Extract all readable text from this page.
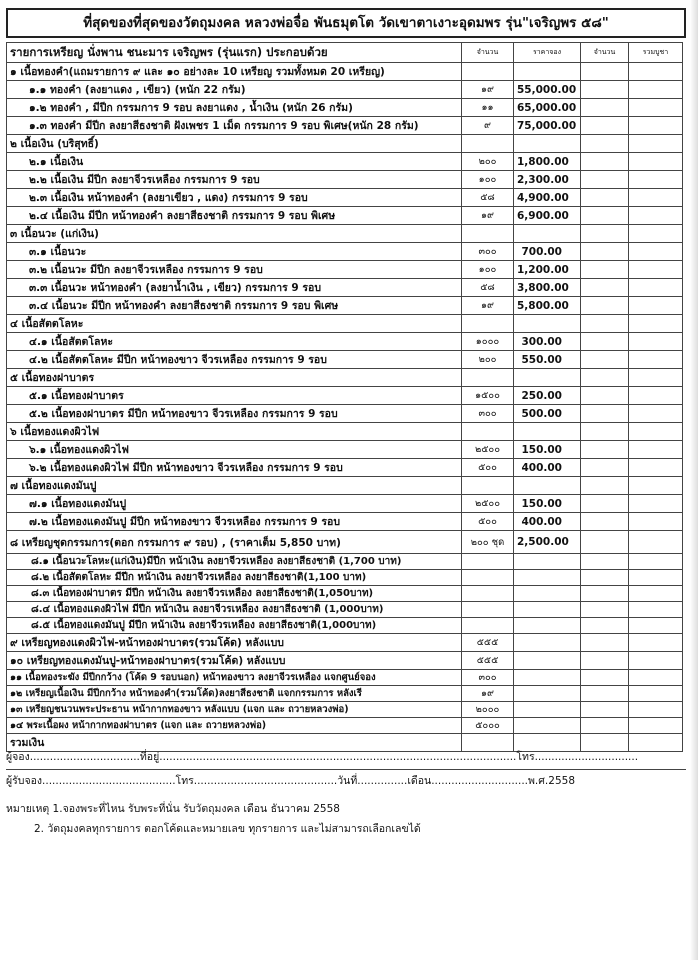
ที่สุดของที่สุดของวัตถุมงคล หลวงพ่อจื่อ พันธมุตโต วัดเขาตาเงาะอุดมพร รุ่น"เจริญพร ๕๘"
รายการเหรียญ นั่งพาน ชนะมาร เจริญพร (รุ่นแรก) ประกอบด้วย	จำนวน	ราคาจอง	จำนวน	รวมบูชา
๑ เนื้อทองคำ(แถมรายการ ๙ และ ๑๐ อย่างละ 10 เหรียญ รวมทั้งหมด 20 เหรียญ)				
๑.๑ ทองคำ (ลงยาแดง , เขียว) (หนัก 22 กรัม)	๑๙	55,000.00		
๑.๒ ทองคำ , มีปีก กรรมการ 9 รอบ ลงยาแดง , น้ำเงิน (หนัก 26 กรัม)	๑๑	65,000.00		
๑.๓ ทองคำ มีปีก ลงยาสีธงชาติ ฝังเพชร 1 เม็ด กรรมการ 9 รอบ พิเศษ(หนัก 28 กรัม)	๙	75,000.00		
๒ เนื้อเงิน (บริสุทธิ์)				
๒.๑ เนื้อเงิน	๒๐๐	1,800.00		
๒.๒ เนื้อเงิน มีปีก ลงยาจีวรเหลือง กรรมการ 9 รอบ	๑๐๐	2,300.00		
๒.๓ เนื้อเงิน หน้าทองคำ (ลงยาเขียว , แดง) กรรมการ 9 รอบ	๕๘	4,900.00		
๒.๔ เนื้อเงิน มีปีก หน้าทองคำ ลงยาสีธงชาติ กรรมการ 9 รอบ พิเศษ	๑๙	6,900.00		
๓ เนื้อนวะ (แก่เงิน)				
๓.๑ เนื้อนวะ	๓๐๐	700.00		
๓.๒ เนื้อนวะ มีปีก ลงยาจีวรเหลือง กรรมการ 9 รอบ	๑๐๐	1,200.00		
๓.๓ เนื้อนวะ หน้าทองคำ (ลงยาน้ำเงิน , เขียว) กรรมการ 9 รอบ	๕๘	3,800.00		
๓.๔ เนื้อนวะ มีปีก หน้าทองคำ ลงยาสีธงชาติ กรรมการ 9 รอบ พิเศษ	๑๙	5,800.00		
๔ เนื้อสัตตโลหะ				
๔.๑ เนื้อสัตตโลหะ	๑๐๐๐	300.00		
๔.๒ เนื้อสัตตโลหะ มีปีก หน้าทองขาว จีวรเหลือง กรรมการ 9 รอบ	๒๐๐	550.00		
๕ เนื้อทองฝาบาตร				
๕.๑ เนื้อทองฝาบาตร	๑๕๐๐	250.00		
๕.๒ เนื้อทองฝาบาตร มีปีก หน้าทองขาว จีวรเหลือง กรรมการ 9 รอบ	๓๐๐	500.00		
๖ เนื้อทองแดงผิวไฟ				
๖.๑ เนื้อทองแดงผิวไฟ	๒๕๐๐	150.00		
๖.๒ เนื้อทองแดงผิวไฟ มีปีก หน้าทองขาว จีวรเหลือง กรรมการ 9 รอบ	๕๐๐	400.00		
๗ เนื้อทองแดงมันปู				
๗.๑ เนื้อทองแดงมันปู	๒๕๐๐	150.00		
๗.๒ เนื้อทองแดงมันปู มีปีก หน้าทองขาว จีวรเหลือง กรรมการ 9 รอบ	๕๐๐	400.00		
๘ เหรียญชุดกรรมการ(ตอก กรรมการ ๙ รอบ) , (ราคาเต็ม 5,850 บาท)	๒๐๐ ชุด	2,500.00		
๘.๑ เนื้อนวะโลหะ(แก่เงิน)มีปีก หน้าเงิน ลงยาจีวรเหลือง ลงยาสีธงชาติ (1,700 บาท)				
๘.๒ เนื้อสัตตโลหะ มีปีก หน้าเงิน ลงยาจีวรเหลือง ลงยาสีธงชาติ(1,100 บาท)				
๘.๓ เนื้อทองฝาบาตร มีปีก หน้าเงิน ลงยาจีวรเหลือง ลงยาสีธงชาติ(1,050บาท)				
๘.๔ เนื้อทองแดงผิวไฟ มีปีก หน้าเงิน ลงยาจีวรเหลือง ลงยาสีธงชาติ (1,000บาท)				
๘.๕ เนื้อทองแดงมันปู มีปีก หน้าเงิน ลงยาจีวรเหลือง ลงยาสีธงชาติ(1,000บาท)				
๙ เหรียญทองแดงผิวไฟ-หน้าทองฝาบาตร(รวมโค้ด) หลังแบบ	๕๕๕			
๑๐ เหรียญทองแดงมันปู-หน้าทองฝาบาตร(รวมโค้ด) หลังแบบ	๕๕๕			
๑๑ เนื้อทองระฆัง มีปีกกว้าง (โค้ด 9 รอบนอก) หน้าทองขาว ลงยาจีวรเหลือง แจกศูนย์จอง	๓๐๐			
๑๒ เหรียญเนื้อเงิน มีปีกกว้าง หน้าทองคำ(รวมโค้ด)ลงยาสีธงชาติ แจกกรรมการ หลังเรี	๑๙			
๑๓ เหรียญชนวนพระประธาน หน้ากากทองขาว หลังแบบ (แจก และ ถวายหลวงพ่อ)	๒๐๐๐			
๑๔ พระเนื้อผง หน้ากากทองฝาบาตร (แจก และ ถวายหลวงพ่อ)	๕๐๐๐			
รวมเงิน				
ผู้จอง.................................ที่อยู่...........................................................................................................โทร...............................
ผู้รับจอง........................................โทร...........................................วันที่...............เดือน.............................พ.ศ.2558
หมายเหตุ 1.จองพระที่ไหน รับพระที่นั่น รับวัตถุมงคล เดือน ธันวาคม 2558
2. วัตถุมงคลทุกรายการ ตอกโค้ดและหมายเลข ทุกรายการ และไม่สามารถเลือกเลขได้
